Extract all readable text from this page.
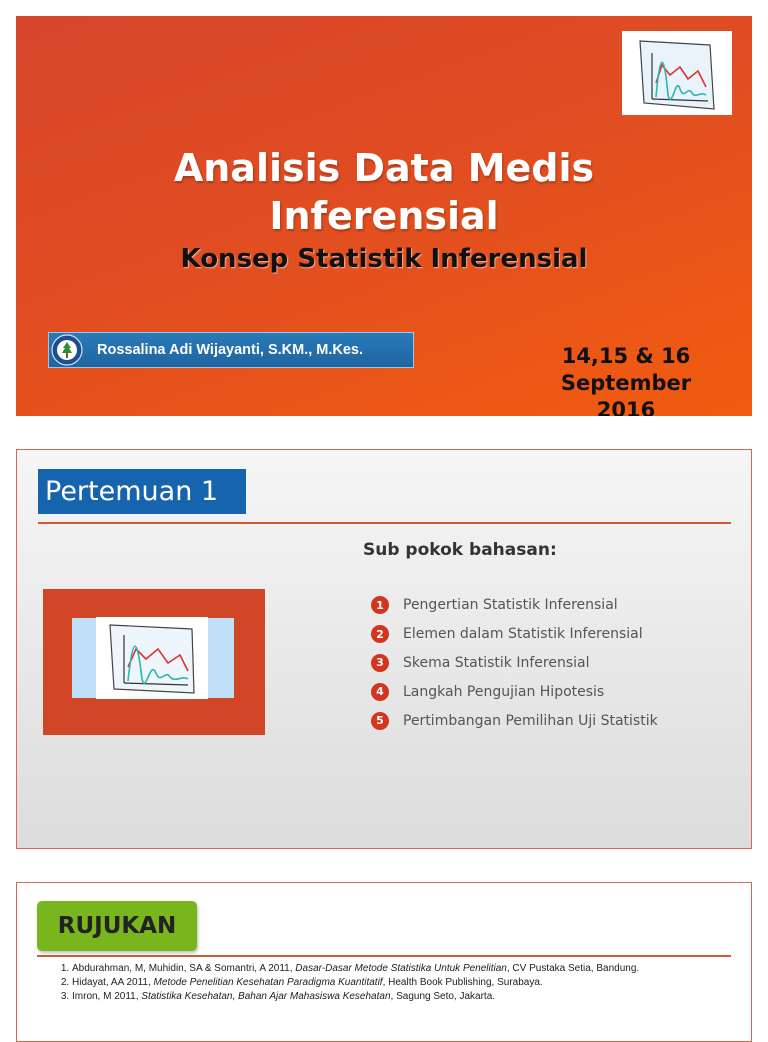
Analisis Data Medis
Inferensial
Konsep Statistik Inferensial
Rossalina Adi Wijayanti, S.KM., M.Kes.	14,15 & 16
September
2016
Pertemuan 1
Sub pokok bahasan:
1	Pengertian Statistik Inferensial
2	Elemen dalam Statistik Inferensial
3	Skema Statistik Inferensial
4	Langkah Pengujian Hipotesis
5	Pertimbangan Pemilihan Uji Statistik
RUJUKAN
1. Abdurahman, M, Muhidin, SA & Somantri, A 2011, Dasar-Dasar Metode Statistika Untuk Penelitian, CV Pustaka Setia, Bandung.
2. Hidayat, AA 2011, Metode Penelitian Kesehatan Paradigma Kuantitatif, Health Book Publishing, Surabaya.
3. Imron, M 2011, Statistika Kesehatan, Bahan Ajar Mahasiswa Kesehatan, Sagung Seto, Jakarta.
